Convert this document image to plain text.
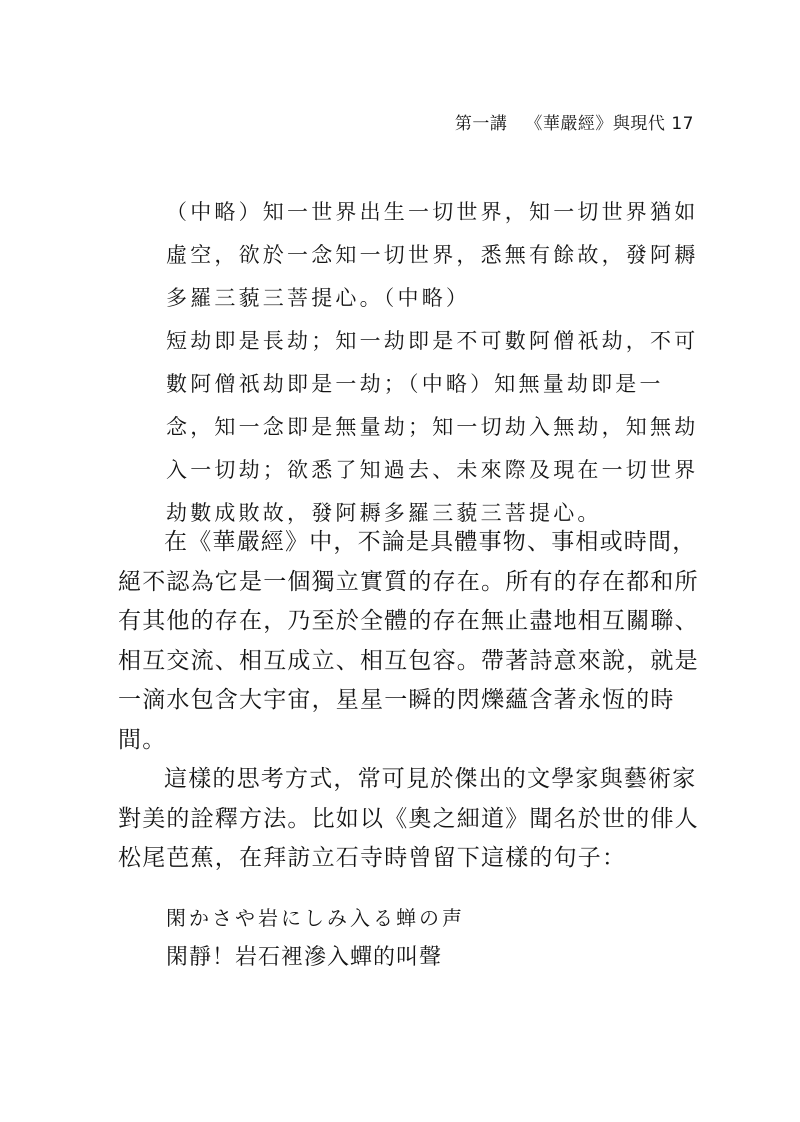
第一講 《華嚴經》與現代 17
（中略）知一世界出生一切世界，知一切世界猶如
虛空，欲於一念知一切世界，悉無有餘故，發阿耨
多羅三藐三菩提心。（中略）
短劫即是長劫；知一劫即是不可數阿僧祇劫，不可
數阿僧祇劫即是一劫；（中略）知無量劫即是一
念，知一念即是無量劫；知一切劫入無劫，知無劫
入一切劫；欲悉了知過去、未來際及現在一切世界
劫數成敗故，發阿耨多羅三藐三菩提心。
在《華嚴經》中，不論是具體事物、事相或時間，
絕不認為它是一個獨立實質的存在。所有的存在都和所
有其他的存在，乃至於全體的存在無止盡地相互關聯、
相互交流、相互成立、相互包容。帶著詩意來說，就是
一滴水包含大宇宙，星星一瞬的閃爍蘊含著永恆的時
間。
這樣的思考方式，常可見於傑出的文學家與藝術家
對美的詮釋方法。比如以《奧之細道》聞名於世的俳人
松尾芭蕉，在拜訪立石寺時曾留下這樣的句子：
閑かさや岩にしみ入る蝉の声
閑靜！岩石裡滲入蟬的叫聲
